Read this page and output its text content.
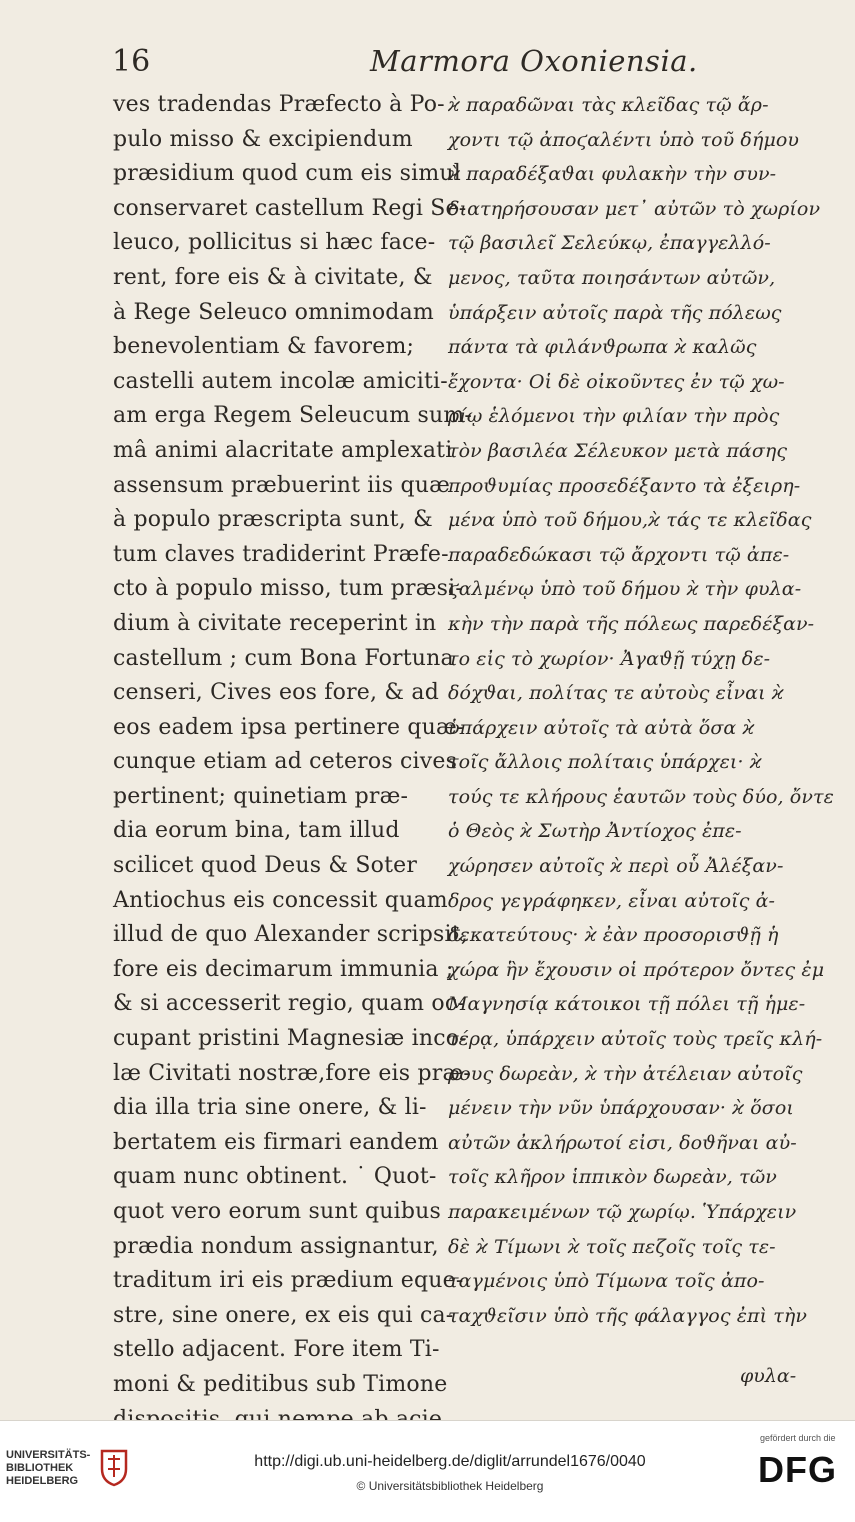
16	Marmora Oxoniensia.
ves tradendas Præfecto à Po-
pulo misso & excipiendum
præsidium quod cum eis simul
conservaret castellum Regi Se-
leuco, pollicitus si hæc face-
rent, fore eis & à civitate, &
à Rege Seleuco omnimodam
benevolentiam & favorem;
castelli autem incolæ amiciti-
am erga Regem Seleucum sum-
mâ animi alacritate amplexati
assensum præbuerint iis quæ
à populo præscripta sunt, &
tum claves tradiderint Præfe-
cto à populo misso, tum præsi-
dium à civitate receperint in
castellum ; cum Bona Fortuna
censeri, Cives eos fore, & ad
eos eadem ipsa pertinere quæ-
cunque etiam ad ceteros cives
pertinent; quinetiam præ-
dia eorum bina, tam illud
scilicet quod Deus & Soter
Antiochus eis concessit quam
illud de quo Alexander scripsit,
fore eis decimarum immunia ;
& si accesserit regio, quam oc-
cupant pristini Magnesiæ inco-
læ Civitati nostræ,fore eis præ-
dia illa tria sine onere, & li-
bertatem eis firmari eandem
quam nunc obtinent. ˙ Quot-
quot vero eorum sunt quibus
prædia nondum assignantur,
traditum iri eis prædium eque-
stre, sine onere, ex eis qui ca-
stello adjacent. Fore item Ti-
moni & peditibus sub Timone
ϰ̀ παραδῶναι τὰς κλεῖδας τῷ ἄρ-
χοντι τῷ ἀποϛαλέντι ὑπὸ τοῦ δήμου
ϰ̀ παραδέξαϑαι φυλακὴν τὴν συν-
διατηρήσουσαν μετ᾽ αὐτῶν τὸ χωρίον
τῷ βασιλεῖ Σελεύκῳ, ἐπαγγελλό-
μενος, ταῦτα ποιησάντων αὐτῶν,
ὑπάρξειν αὐτοῖς παρὰ τῆς πόλεως
πάντα τὰ φιλάνϑρωπα ϰ̀ καλῶς
ἔχοντα· Οἱ δὲ οἰκοῦντες ἐν τῷ χω-
ρίῳ ἑλόμενοι τὴν φιλίαν τὴν πρὸς
τὸν βασιλέα Σέλευκον μετὰ πάσης
προϑυμίας προσεδέξαντο τὰ ἐξειρη-
μένα ὑπὸ τοῦ δήμου,ϰ̀ τάς τε κλεῖδας
παραδεδώκασι τῷ ἄρχοντι τῷ ἀπε-
ϛαλμένῳ ὑπὸ τοῦ δήμου ϰ̀ τὴν φυλα-
κὴν τὴν παρὰ τῆς πόλεως παρεδέξαν-
το εἰς τὸ χωρίον· Ἀγαϑῇ τύχῃ δε-
δόχϑαι, πολίτας τε αὐτοὺς εἶναι ϰ̀
ὑπάρχειν αὐτοῖς τὰ αὐτὰ ὅσα ϰ̀
τοῖς ἄλλοις πολίταις ὑπάρχει· ϰ̀
τούς τε κλήρους ἑαυτῶν τοὺς δύο, ὄντε
ὁ Θεὸς ϰ̀ Σωτὴρ Ἀντίοχος ἐπε-
χώρησεν αὐτοῖς ϰ̀ περὶ οὗ Ἀλέξαν-
δρος γεγράφηκεν, εἶναι αὐτοῖς ἀ-
δεκατεύτους· ϰ̀ ἐὰν προσορισϑῇ ἡ
χώρα ἣν ἔχουσιν οἱ πρότερον ὄντες ἐμ
Μαγνησίᾳ κάτοικοι τῇ πόλει τῇ ἡμε-
τέρᾳ, ὑπάρχειν αὐτοῖς τοὺς τρεῖς κλή-
ρους δωρεὰν, ϰ̀ τὴν ἀτέλειαν αὐτοῖς
μένειν τὴν νῦν ὑπάρχουσαν· ϰ̀ ὅσοι
αὐτῶν ἀκλήρωτοί εἰσι, δοϑῆναι αὐ-
τοῖς κλῆρον ἱππικὸν δωρεὰν, τῶν
παρακειμένων τῷ χωρίῳ. Ὑπάρχειν
δὲ ϰ̀ Τίμωνι ϰ̀ τοῖς πεζοῖς τοῖς τε-
ταγμένοις ὑπὸ Τίμωνα τοῖς ἀπο-
ταχϑεῖσιν ὑπὸ τῆς φάλαγγος ἐπὶ τὴν
φυλα-
UNIVERSITÄTS-
BIBLIOTHEK
HEIDELBERG
http://digi.ub.uni-heidelberg.de/diglit/arrundel1676/0040
© Universitätsbibliothek Heidelberg
gefördert durch die
DFG
